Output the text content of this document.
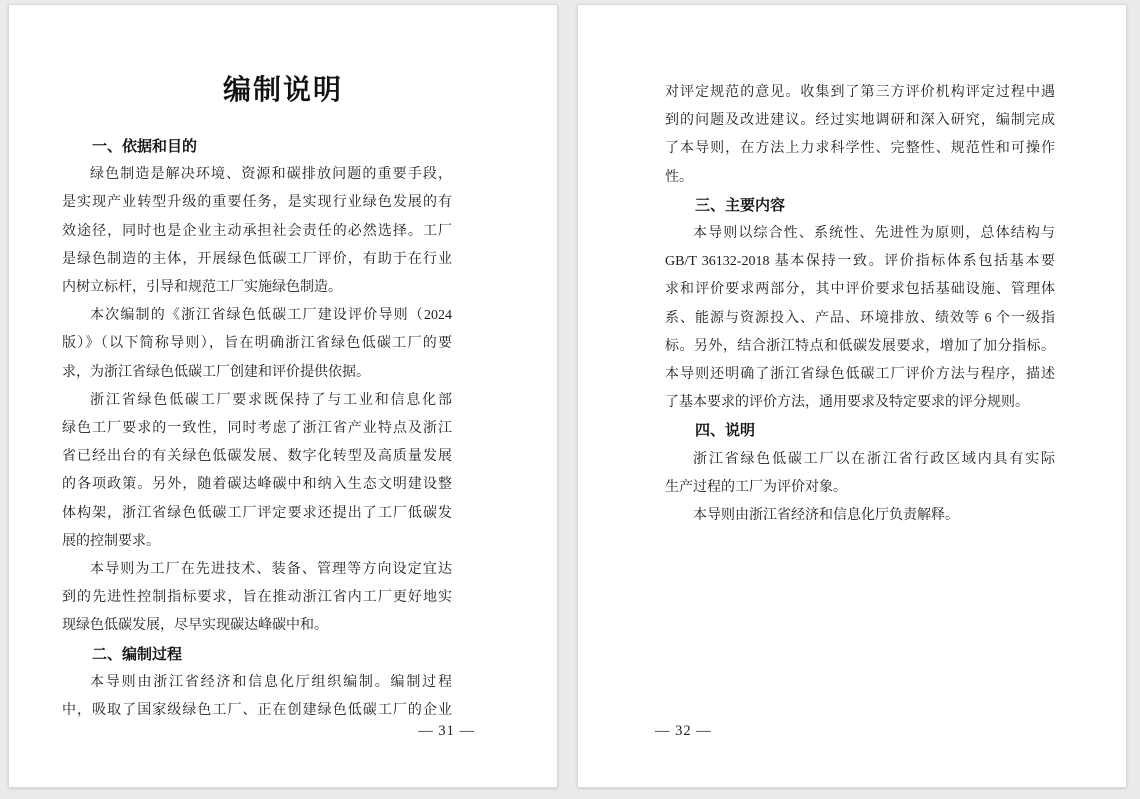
编制说明
一、依据和目的
绿色制造是解决环境、资源和碳排放问题的重要手段，
是实现产业转型升级的重要任务，是实现行业绿色发展的有
效途径，同时也是企业主动承担社会责任的必然选择。工厂
是绿色制造的主体，开展绿色低碳工厂评价，有助于在行业
内树立标杆，引导和规范工厂实施绿色制造。
本次编制的《浙江省绿色低碳工厂建设评价导则（2024
版）》（以下简称导则），旨在明确浙江省绿色低碳工厂的要
求，为浙江省绿色低碳工厂创建和评价提供依据。
浙江省绿色低碳工厂要求既保持了与工业和信息化部
绿色工厂要求的一致性，同时考虑了浙江省产业特点及浙江
省已经出台的有关绿色低碳发展、数字化转型及高质量发展
的各项政策。另外，随着碳达峰碳中和纳入生态文明建设整
体构架，浙江省绿色低碳工厂评定要求还提出了工厂低碳发
展的控制要求。
本导则为工厂在先进技术、装备、管理等方向设定宜达
到的先进性控制指标要求，旨在推动浙江省内工厂更好地实
现绿色低碳发展，尽早实现碳达峰碳中和。
二、编制过程
本导则由浙江省经济和信息化厅组织编制。编制过程
中，吸取了国家级绿色工厂、正在创建绿色低碳工厂的企业
— 31 —
对评定规范的意见。收集到了第三方评价机构评定过程中遇
到的问题及改进建议。经过实地调研和深入研究，编制完成
了本导则，在方法上力求科学性、完整性、规范性和可操作
性。
三、主要内容
本导则以综合性、系统性、先进性为原则，总体结构与
GB/T 36132-2018 基本保持一致。评价指标体系包括基本要
求和评价要求两部分，其中评价要求包括基础设施、管理体
系、能源与资源投入、产品、环境排放、绩效等 6 个一级指
标。另外，结合浙江特点和低碳发展要求，增加了加分指标。
本导则还明确了浙江省绿色低碳工厂评价方法与程序，描述
了基本要求的评价方法，通用要求及特定要求的评分规则。
四、说明
浙江省绿色低碳工厂以在浙江省行政区域内具有实际
生产过程的工厂为评价对象。
本导则由浙江省经济和信息化厅负责解释。
— 32 —
